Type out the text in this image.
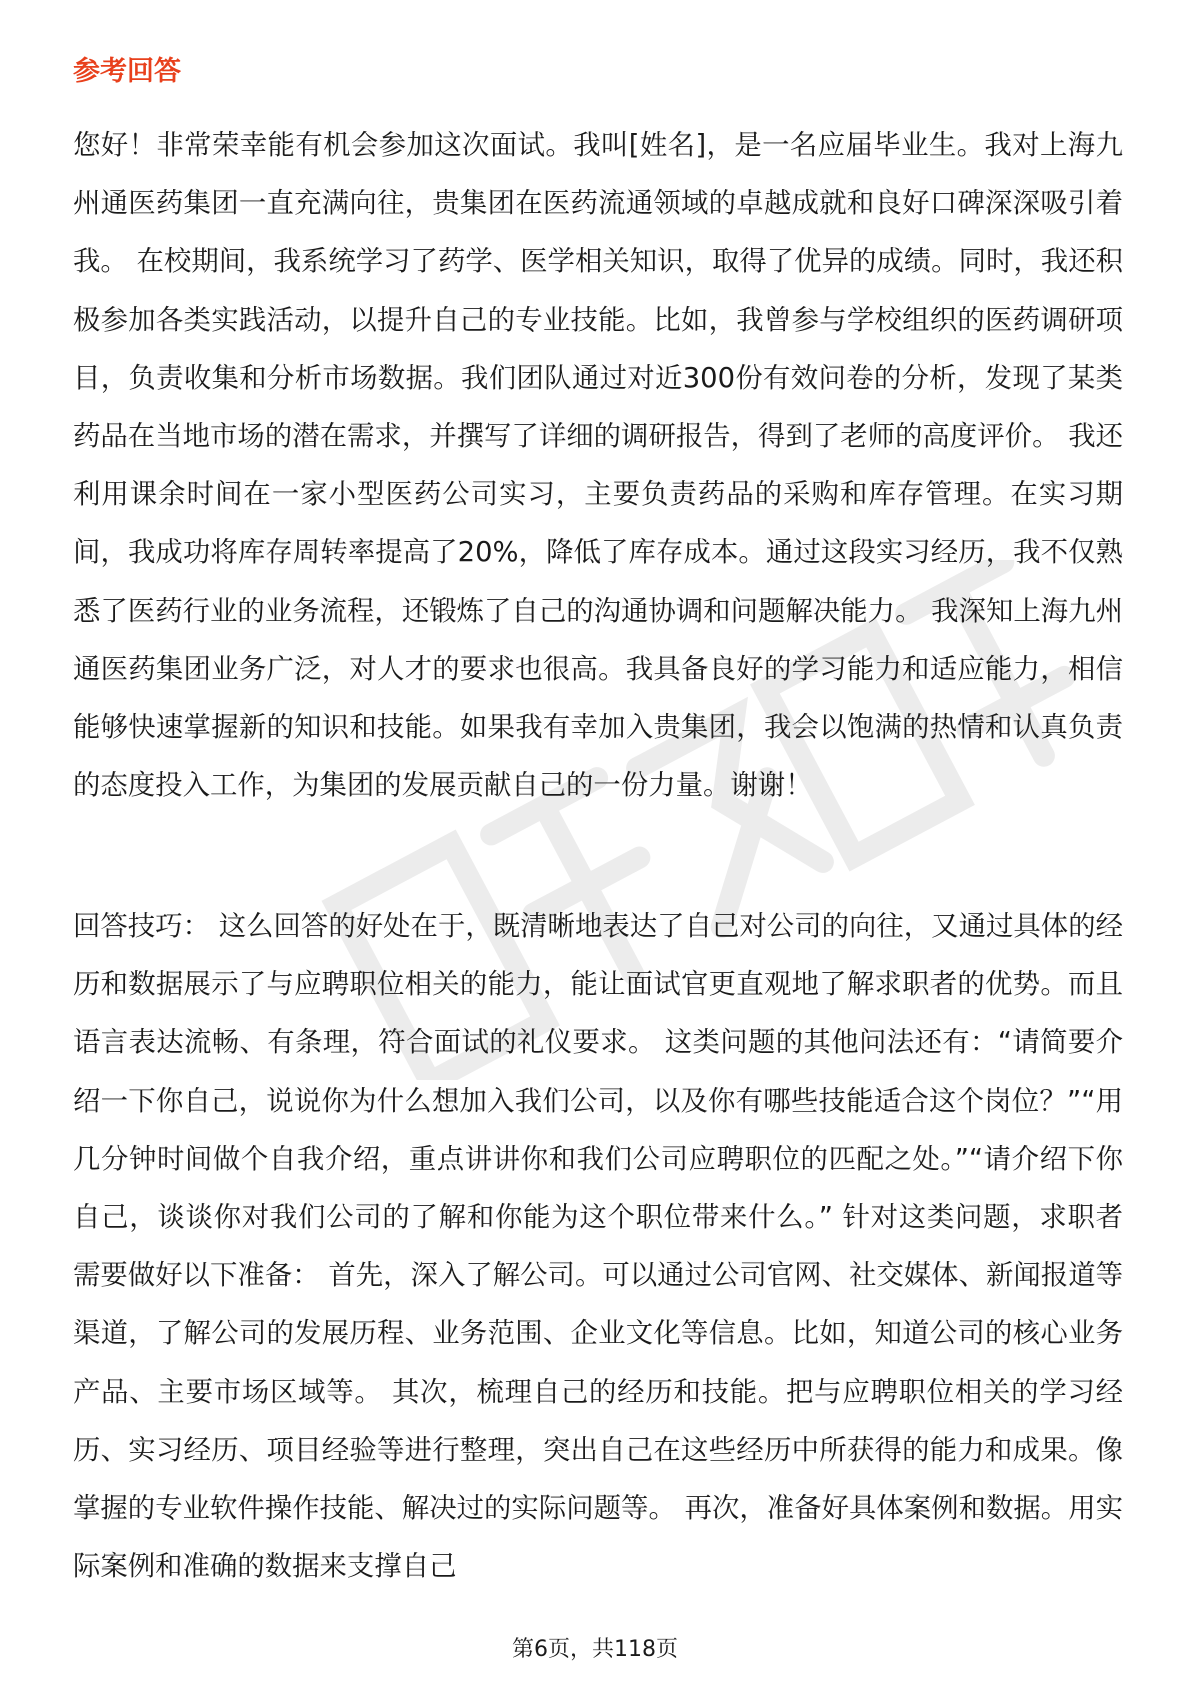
参考回答

您好！非常荣幸能有机会参加这次面试。我叫[姓名]，是一名应届毕业生。我对上海九州通医药集团一直充满向往，贵集团在医药流通领域的卓越成就和良好口碑深深吸引着我。 在校期间，我系统学习了药学、医学相关知识，取得了优异的成绩。同时，我还积极参加各类实践活动，以提升自己的专业技能。比如，我曾参与学校组织的医药调研项目，负责收集和分析市场数据。我们团队通过对近300份有效问卷的分析，发现了某类药品在当地市场的潜在需求，并撰写了详细的调研报告，得到了老师的高度评价。 我还利用课余时间在一家小型医药公司实习，主要负责药品的采购和库存管理。在实习期间，我成功将库存周转率提高了20%，降低了库存成本。通过这段实习经历，我不仅熟悉了医药行业的业务流程，还锻炼了自己的沟通协调和问题解决能力。 我深知上海九州通医药集团业务广泛，对人才的要求也很高。我具备良好的学习能力和适应能力，相信能够快速掌握新的知识和技能。如果我有幸加入贵集团，我会以饱满的热情和认真负责的态度投入工作，为集团的发展贡献自己的一份力量。谢谢！

回答技巧： 这么回答的好处在于，既清晰地表达了自己对公司的向往，又通过具体的经历和数据展示了与应聘职位相关的能力，能让面试官更直观地了解求职者的优势。而且语言表达流畅、有条理，符合面试的礼仪要求。 这类问题的其他问法还有：“请简要介绍一下你自己，说说你为什么想加入我们公司，以及你有哪些技能适合这个岗位？”“用几分钟时间做个自我介绍，重点讲讲你和我们公司应聘职位的匹配之处。”“请介绍下你自己，谈谈你对我们公司的了解和你能为这个职位带来什么。” 针对这类问题，求职者需要做好以下准备： 首先，深入了解公司。可以通过公司官网、社交媒体、新闻报道等渠道，了解公司的发展历程、业务范围、企业文化等信息。比如，知道公司的核心业务产品、主要市场区域等。 其次，梳理自己的经历和技能。把与应聘职位相关的学习经历、实习经历、项目经验等进行整理，突出自己在这些经历中所获得的能力和成果。像掌握的专业软件操作技能、解决过的实际问题等。 再次，准备好具体案例和数据。用实际案例和准确的数据来支撑自己

第6页，共118页
